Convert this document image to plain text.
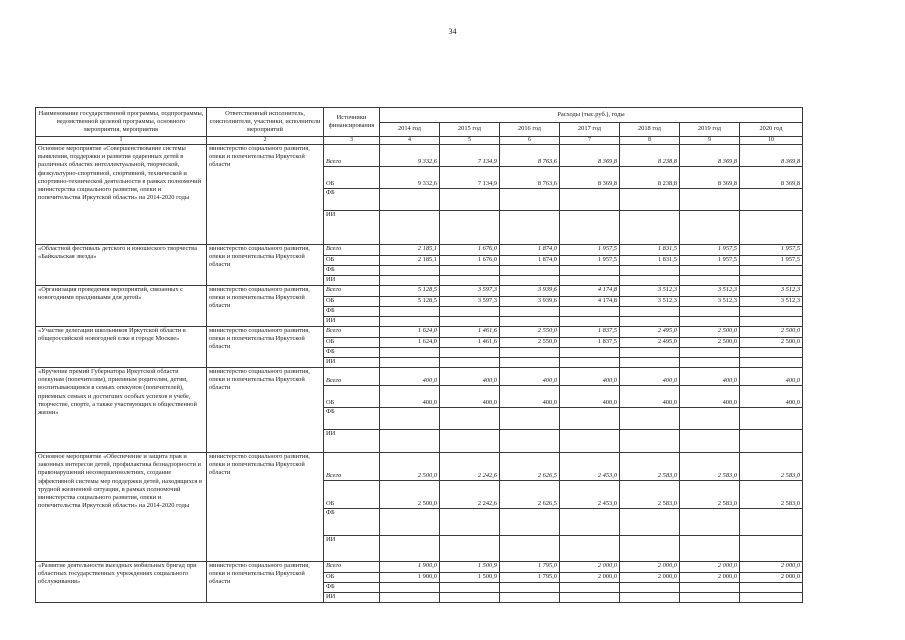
34
Наименование государственной программы, подпрограммы, ведомственной целевой программы, основного мероприятия, мероприятия	Ответственный исполнитель, соисполнители, участники, исполнители мероприятий	Источники финансирования	Расходы (тыс.руб.), годы						
			2014 год	2015 год	2016 год	2017 год	2018 год	2019 год	2020 год
1	2	3	4	5	6	7	8	9	10
Основное мероприятие «Совершенствование системы выявления, поддержки и развития одаренных детей в различных областях интеллектуальной, творческой, физкультурно-спортивной, спортивной, технической и спортивно-технической деятельности в рамках полномочий министерства социального развития, опеки и попечительства Иркутской области» на 2014-2020 годы	министерство социального развития, опеки и попечительства Иркутской области	Всего	9 332,6	7 134,9	8 763,6	8 369,8	8 238,8	8 369,8	8 369,8
		ОБ	9 332,6	7 134,9	8 763,6	8 369,8	8 238,8	8 369,8	8 369,8
		ФБ							
		ИИ							
«Областной фестиваль детского и юношеского творчества «Байкальская звезда»	министерство социального развития, опеки и попечительства Иркутской области	Всего	2 185,1	1 676,0	1 874,0	1 957,5	1 831,5	1 957,5	1 957,5
		ОБ	2 185,1	1 676,0	1 874,0	1 957,5	1 831,5	1 957,5	1 957,5
		ФБ							
		ИИ							
«Организация проведения мероприятий, связанных с новогодними праздниками для детей»	министерство социального развития, опеки и попечительства Иркутской области	Всего	5 128,5	3 597,3	3 939,6	4 174,8	3 512,3	3 512,3	3 512,3
		ОБ	5 128,5	3 597,3	3 939,6	4 174,8	3 512,3	3 512,3	3 512,3
		ФБ							
		ИИ							
«Участие делегации школьников Иркутской области в общероссийской новогодней елке в городе Москве»	министерство социального развития, опеки и попечительства Иркутской области	Всего	1 624,0	1 461,6	2 550,0	1 837,5	2 495,0	2 500,0	2 500,0
		ОБ	1 624,0	1 461,6	2 550,0	1 837,5	2 495,0	2 500,0	2 500,0
		ФБ							
		ИИ							
«Вручение премий Губернатора Иркутской области опекунам (попечителям), приемным родителям, детям, воспитывающимся в семьях опекунов (попечителей), приемных семьях и достигших особых успехов в учебе, творчестве, спорте, а также участвующих в общественной жизни»	министерство социального развития, опеки и попечительства Иркутской области	Всего	400,0	400,0	400,0	400,0	400,0	400,0	400,0
		ОБ	400,0	400,0	400,0	400,0	400,0	400,0	400,0
		ФБ							
		ИИ							
Основное мероприятие «Обеспечение и защита прав и законных интересов детей, профилактика безнадзорности и правонарушений несовершеннолетних, создание эффективной системы мер поддержки детей, находящихся в трудной жизненной ситуации, в рамках полномочий министерства социального развития, опеки и попечительства Иркутской области» на 2014-2020 годы	министерство социального развития, опеки и попечительства Иркутской области	Всего	2 500,0	2 242,6	2 626,5	2 453,0	2 583,0	2 583,0	2 583,0
		ОБ	2 500,0	2 242,6	2 626,5	2 453,0	2 583,0	2 583,0	2 583,0
		ФБ							
		ИИ							
«Развитие деятельности выездных мобильных бригад при областных государственных учреждениях социального обслуживания»	министерство социального развития, опеки и попечительства Иркутской области	Всего	1 900,0	1 500,9	1 795,0	2 000,0	2 000,0	2 000,0	2 000,0
		ОБ	1 900,0	1 500,9	1 795,0	2 000,0	2 000,0	2 000,0	2 000,0
		ФБ							
		ИИ							
